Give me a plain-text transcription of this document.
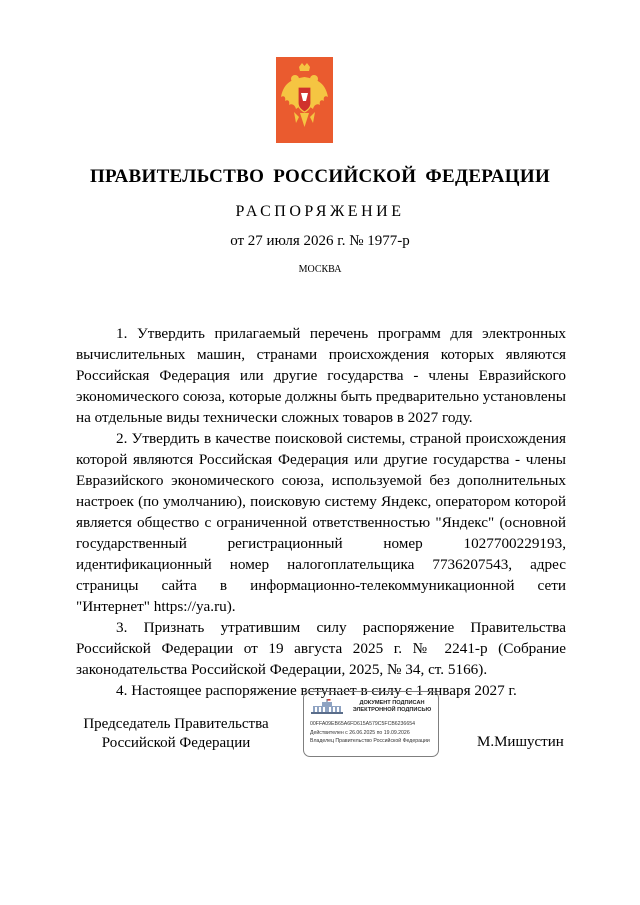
ПРАВИТЕЛЬСТВО РОССИЙСКОЙ ФЕДЕРАЦИИ
РАСПОРЯЖЕНИЕ
от 27 июля 2026 г. № 1977-р
МОСКВА

1. Утвердить прилагаемый перечень программ для электронных вычислительных машин, странами происхождения которых являются Российская Федерация или другие государства - члены Евразийского экономического союза, которые должны быть предварительно установлены на отдельные виды технически сложных товаров в 2027 году.

2. Утвердить в качестве поисковой системы, страной происхождения которой являются Российская Федерация или другие государства - члены Евразийского экономического союза, используемой без дополнительных настроек (по умолчанию), поисковую систему Яндекс, оператором которой является общество с ограниченной ответственностью "Яндекс" (основной государственный регистрационный номер 1027700229193, идентификационный номер налогоплательщика 7736207543, адрес страницы сайта в информационно-телекоммуникационной сети "Интернет" https://ya.ru).

3. Признать утратившим силу распоряжение Правительства Российской Федерации от 19 августа 2025 г. № 2241-р (Собрание законодательства Российской Федерации, 2025, № 34, ст. 5166).

4. Настоящее распоряжение вступает в силу с 1 января 2027 г.

Председатель Правительства Российской Федерации
ДОКУМЕНТ ПОДПИСАН ЭЛЕКТРОННОЙ ПОДПИСЬЮ
00FFA09EB65A6FD615A579C5FCB6236654
Действителен с 26.06.2025 по 19.09.2026
Владелец Правительство Российской Федерации	М.Мишустин
